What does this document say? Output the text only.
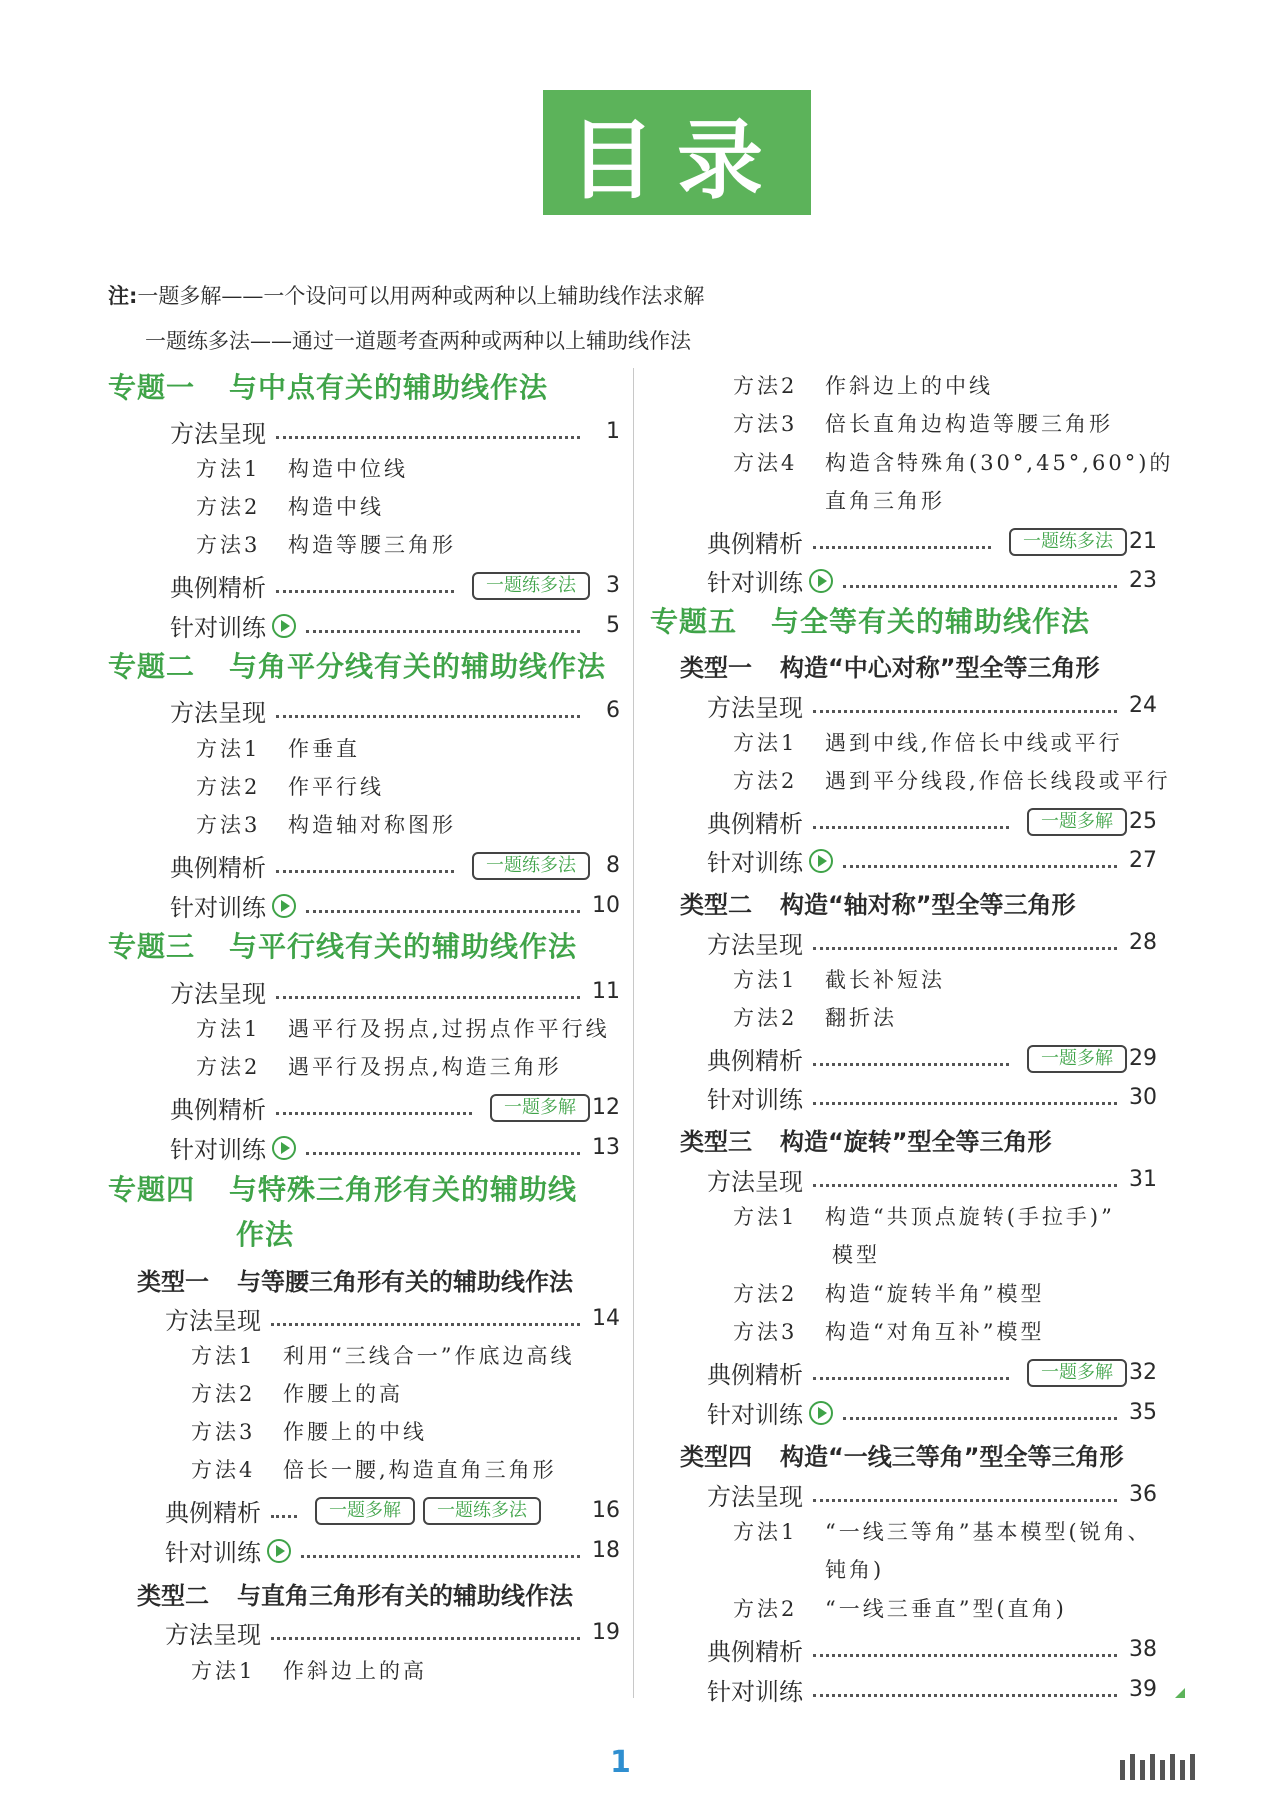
目录
注:一题多解——一个设问可以用两种或两种以上辅助线作法求解
一题练多法——通过一道题考查两种或两种以上辅助线作法
专题一 与中点有关的辅助线作法
方法呈现	1
方法1 构造中位线
方法2 构造中线
方法3 构造等腰三角形
典例精析	一题练多法	3
针对训练	5
专题二 与角平分线有关的辅助线作法
方法呈现	6
方法1 作垂直
方法2 作平行线
方法3 构造轴对称图形
典例精析	一题练多法	8
针对训练	10
专题三 与平行线有关的辅助线作法
方法呈现	11
方法1 遇平行及拐点,过拐点作平行线
方法2 遇平行及拐点,构造三角形
典例精析	一题多解 12
针对训练	13
专题四 与特殊三角形有关的辅助线
作法
类型一 与等腰三角形有关的辅助线作法
方法呈现	14
方法1 利用“三线合一”作底边高线
方法2 作腰上的高
方法3 作腰上的中线
方法4 倍长一腰,构造直角三角形
典例精析	一题多解	一题练多法	16
针对训练	18
类型二 与直角三角形有关的辅助线作法
方法呈现	19
方法1 作斜边上的高
方法2 作斜边上的中线
方法3 倍长直角边构造等腰三角形
方法4 构造含特殊角(30°,45°,60°)的
直角三角形
典例精析	一题练多法 21
针对训练	23
专题五 与全等有关的辅助线作法
类型一 构造“中心对称”型全等三角形
方法呈现	24
方法1 遇到中线,作倍长中线或平行
方法2 遇到平分线段,作倍长线段或平行
典例精析	一题多解 25
针对训练	27
类型二 构造“轴对称”型全等三角形
方法呈现	28
方法1 截长补短法
方法2 翻折法
典例精析	一题多解 29
针对训练	30
类型三 构造“旋转”型全等三角形
方法呈现	31
方法1 构造“共顶点旋转(手拉手)”
模型
方法2 构造“旋转半角”模型
方法3 构造“对角互补”模型
典例精析	一题多解 32
针对训练	35
类型四 构造“一线三等角”型全等三角形
方法呈现	36
方法1 “一线三等角”基本模型(锐角、
钝角)
方法2 “一线三垂直”型(直角)
典例精析	38
针对训练	39
1
